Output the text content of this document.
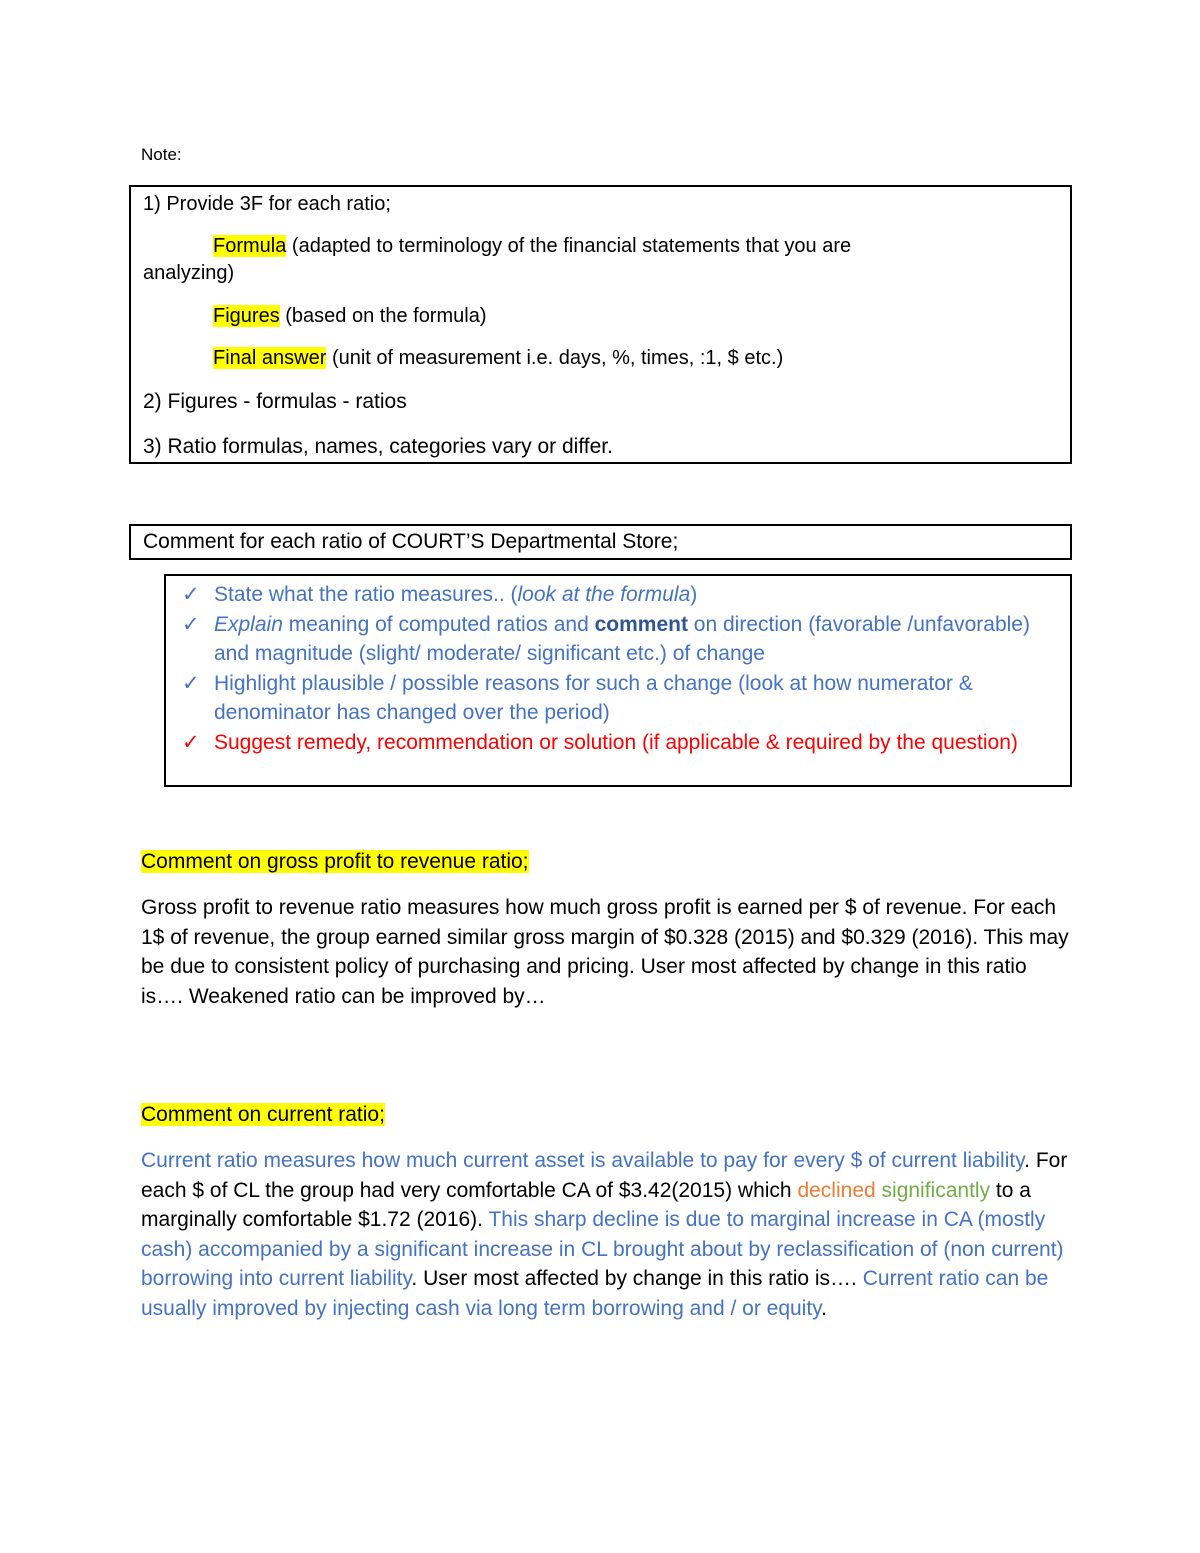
Note:
1) Provide 3F for each ratio;
Formula (adapted to terminology of the financial statements that you are
analyzing)
Figures (based on the formula)
Final answer (unit of measurement i.e. days, %, times, :1, $ etc.)
2) Figures - formulas - ratios
3) Ratio formulas, names, categories vary or differ.
Comment for each ratio of COURT’S Departmental Store;
✓ State what the ratio measures.. (look at the formula)
✓ Explain meaning of computed ratios and comment on direction (favorable /unfavorable) and magnitude (slight/ moderate/ significant etc.) of change
✓ Highlight plausible / possible reasons for such a change (look at how numerator & denominator has changed over the period)
✓ Suggest remedy, recommendation or solution (if applicable & required by the question)
Comment on gross profit to revenue ratio;
Gross profit to revenue ratio measures how much gross profit is earned per $ of revenue. For each 1$ of revenue, the group earned similar gross margin of $0.328 (2015) and $0.329 (2016). This may be due to consistent policy of purchasing and pricing. User most affected by change in this ratio is…. Weakened ratio can be improved by…
Comment on current ratio;
Current ratio measures how much current asset is available to pay for every $ of current liability. For each $ of CL the group had very comfortable CA of $3.42(2015) which declined significantly to a marginally comfortable $1.72 (2016). This sharp decline is due to marginal increase in CA (mostly cash) accompanied by a significant increase in CL brought about by reclassification of (non current) borrowing into current liability. User most affected by change in this ratio is…. Current ratio can be usually improved by injecting cash via long term borrowing and / or equity.
